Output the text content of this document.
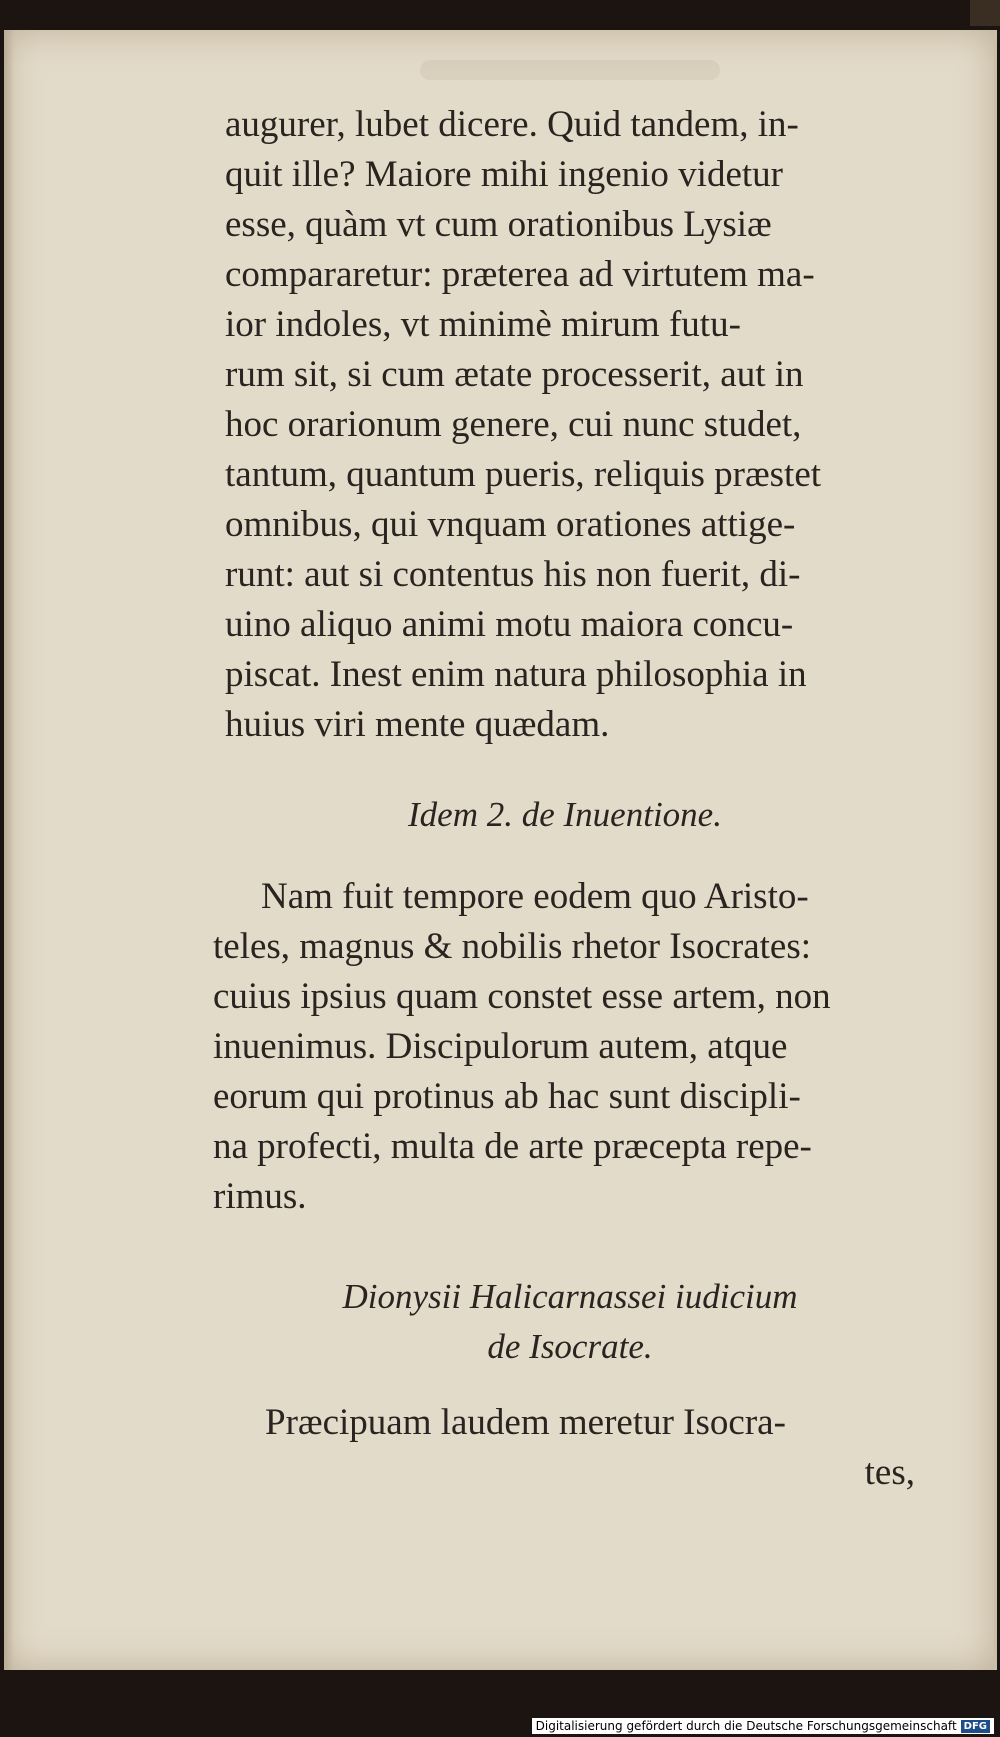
augurer, lubet dicere. Quid tandem, in-
quit ille? Maiore mihi ingenio videtur
esse, quàm vt cum orationibus Lysiæ
compararetur: præterea ad virtutem ma-
ior indoles, vt minimè mirum futu-
rum sit, si cum ætate processerit, aut in
hoc orarionum genere, cui nunc studet,
tantum, quantum pueris, reliquis præstet
omnibus, qui vnquam orationes attige-
runt: aut si contentus his non fuerit, di-
uino aliquo animi motu maiora concu-
piscat. Inest enim natura philosophia in
huius viri mente quædam.

Idem 2. de Inuentione.

Nam fuit tempore eodem quo Aristo-
teles, magnus & nobilis rhetor Isocrates:
cuius ipsius quam constet esse artem, non
inuenimus. Discipulorum autem, atque
eorum qui protinus ab hac sunt discipli-
na profecti, multa de arte præcepta repe-
rimus.

Dionysii Halicarnassei iudicium
de Isocrate.

Præcipuam laudem meretur Isocra-
tes,

Digitalisierung gefördert durch die Deutsche Forschungsgemeinschaft DFG
